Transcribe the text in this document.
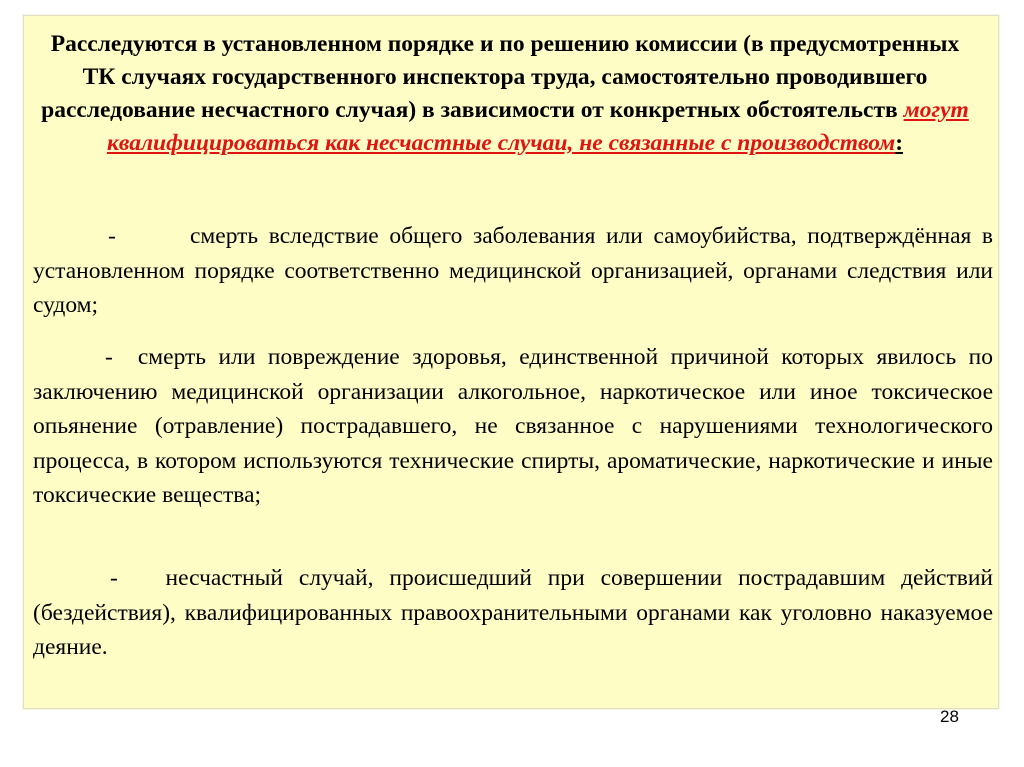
Расследуются в установленном порядке и по решению комиссии (в предусмотренных ТК случаях государственного инспектора труда, самостоятельно проводившего расследование несчастного случая) в зависимости от конкретных обстоятельств могут квалифицироваться как несчастные случаи, не связанные с производством:

-       смерть вследствие общего заболевания или самоубийства, подтверждённая в установленном порядке соответственно медицинской организацией, органами следствия или судом;

-  смерть или повреждение здоровья, единственной причиной которых явилось по заключению медицинской организации алкогольное, наркотическое или иное токсическое опьянение (отравление) пострадавшего, не связанное с нарушениями технологического процесса, в котором используются технические спирты, ароматические, наркотические и иные токсические вещества;

-   несчастный случай, происшедший при совершении пострадавшим действий (бездействия), квалифицированных правоохранительными органами как уголовно наказуемое деяние.

28
